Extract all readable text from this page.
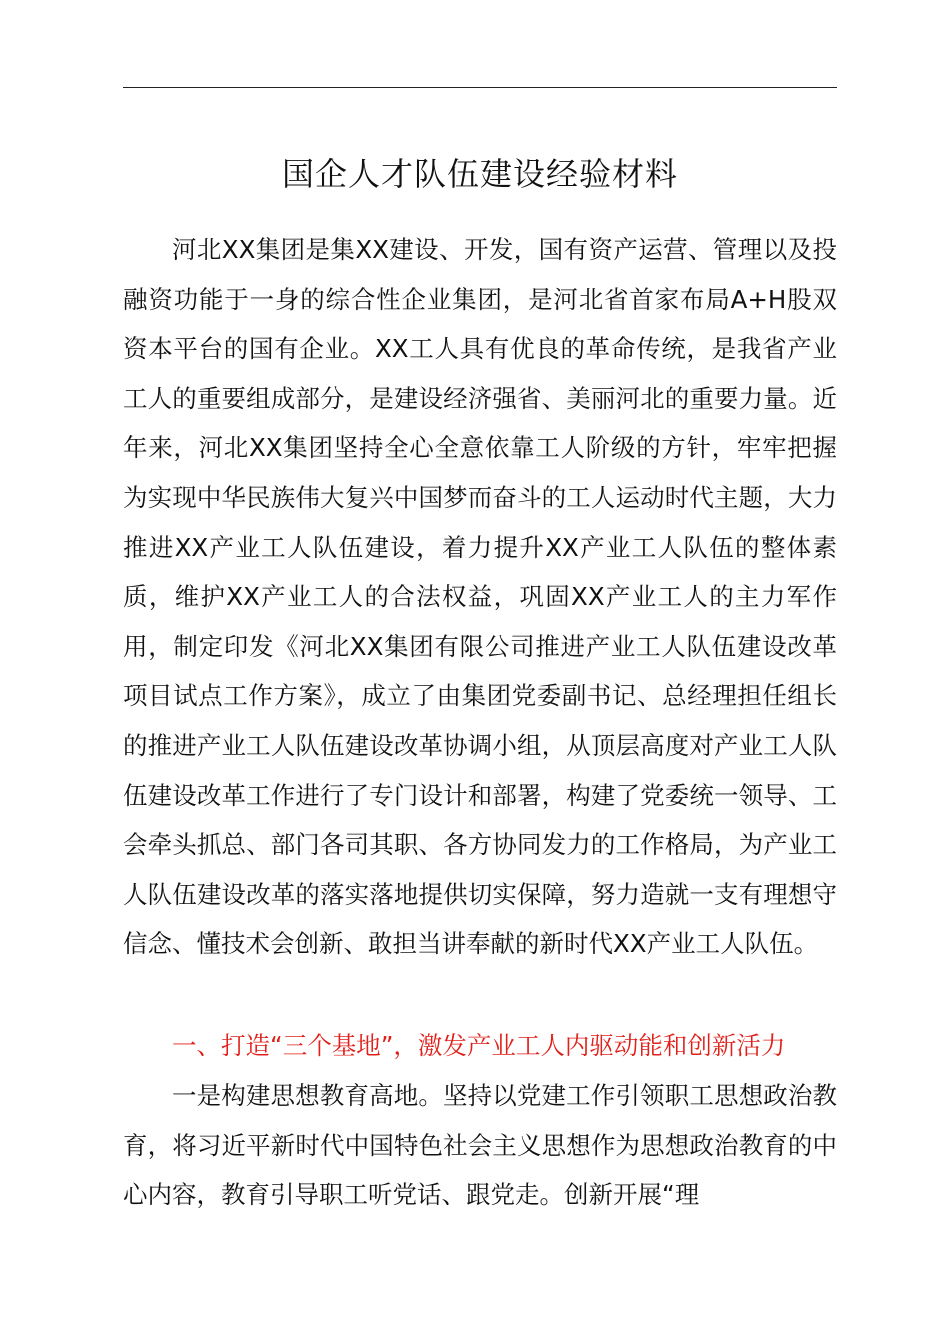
国企人才队伍建设经验材料
河北XX集团是集XX建设、开发，国有资产运营、管理以及投融资功能于一身的综合性企业集团，是河北省首家布局A+H股双资本平台的国有企业。XX工人具有优良的革命传统，是我省产业工人的重要组成部分，是建设经济强省、美丽河北的重要力量。近年来，河北XX集团坚持全心全意依靠工人阶级的方针，牢牢把握为实现中华民族伟大复兴中国梦而奋斗的工人运动时代主题，大力推进XX产业工人队伍建设，着力提升XX产业工人队伍的整体素质，维护XX产业工人的合法权益，巩固XX产业工人的主力军作用，制定印发《河北XX集团有限公司推进产业工人队伍建设改革项目试点工作方案》，成立了由集团党委副书记、总经理担任组长的推进产业工人队伍建设改革协调小组，从顶层高度对产业工人队伍建设改革工作进行了专门设计和部署，构建了党委统一领导、工会牵头抓总、部门各司其职、各方协同发力的工作格局，为产业工人队伍建设改革的落实落地提供切实保障，努力造就一支有理想守信念、懂技术会创新、敢担当讲奉献的新时代XX产业工人队伍。
一、打造“三个基地”，激发产业工人内驱动能和创新活力
一是构建思想教育高地。坚持以党建工作引领职工思想政治教育，将习近平新时代中国特色社会主义思想作为思想政治教育的中心内容，教育引导职工听党话、跟党走。创新开展“理
